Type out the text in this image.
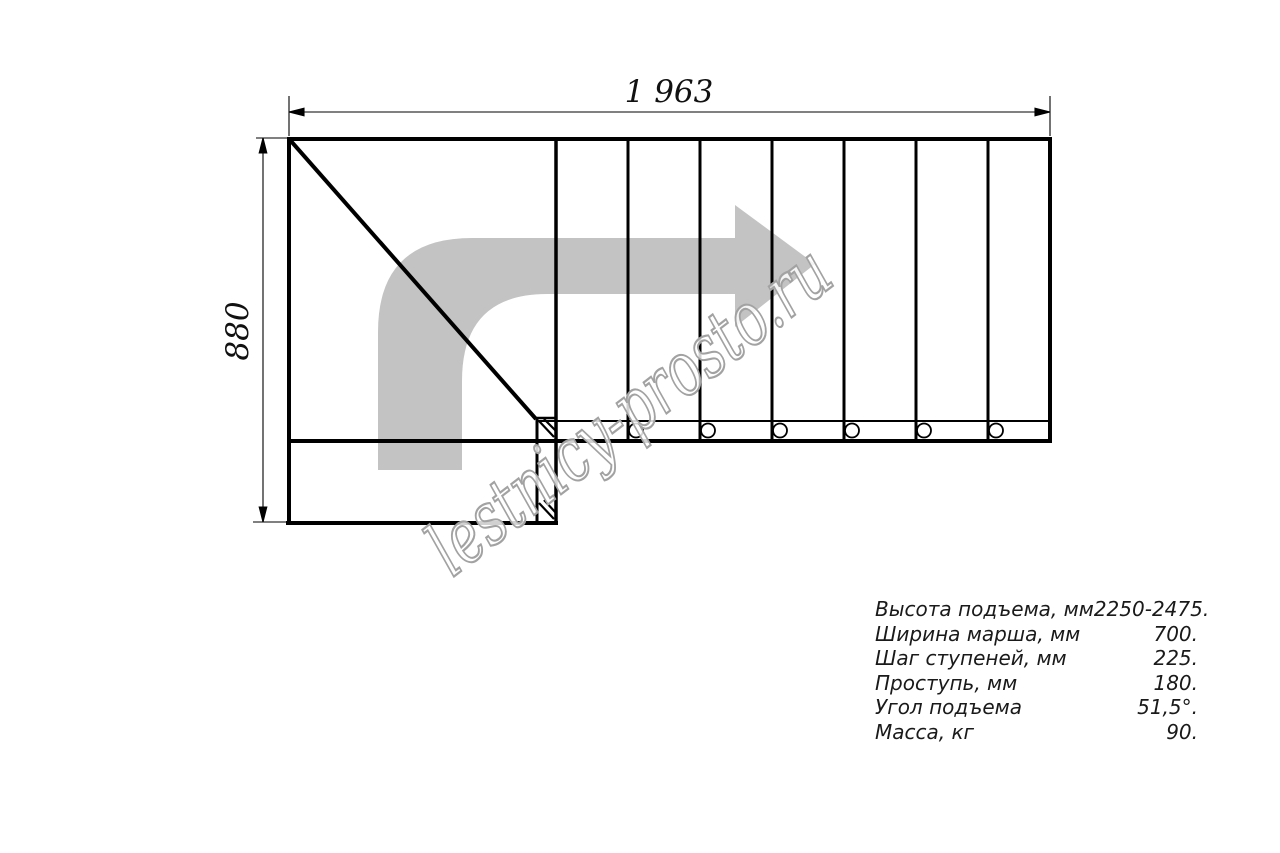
1 963
880 lestnicy-prosto.ru
Высота подъема, мм 2250-2475.
Ширина марша, мм	700.
Шаг ступеней, мм	225.
Проступь, мм	180.
Угол подъема	51,5°.
Масса, кг	90.
